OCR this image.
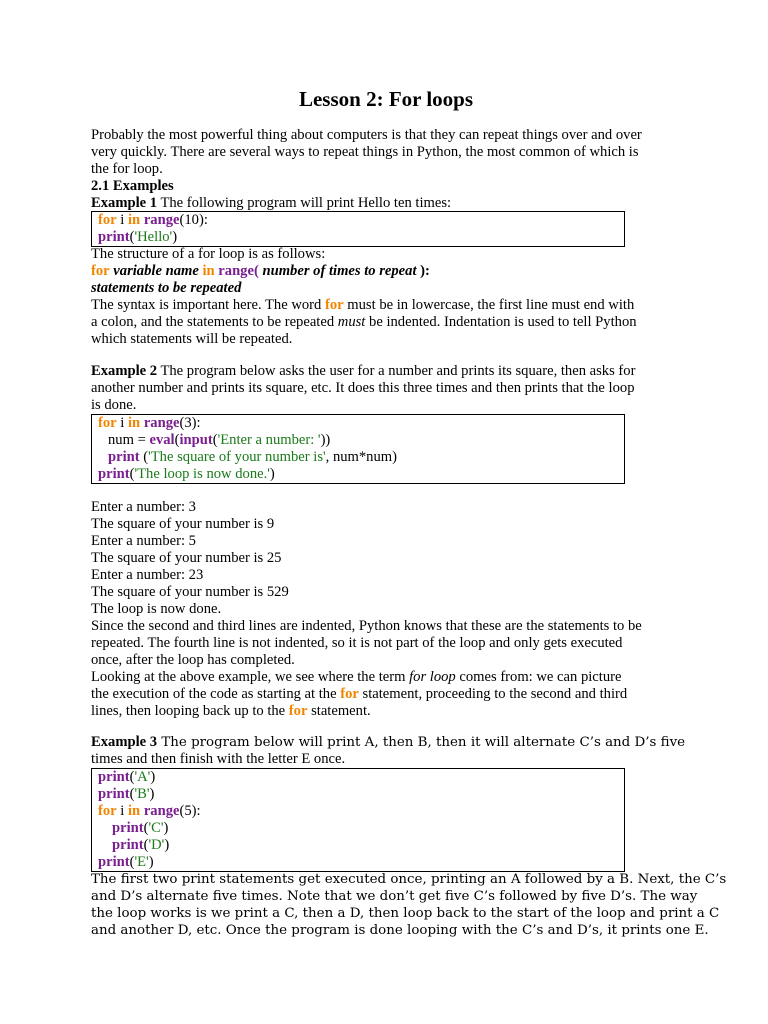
Lesson 2: For loops
Probably the most powerful thing about computers is that they can repeat things over and over
very quickly. There are several ways to repeat things in Python, the most common of which is
the for loop.
2.1 Examples
Example 1 The following program will print Hello ten times:
for i in range(10):
print('Hello')
The structure of a for loop is as follows:
for variable name in range( number of times to repeat ):
statements to be repeated
The syntax is important here. The word for must be in lowercase, the first line must end with
a colon, and the statements to be repeated must be indented. Indentation is used to tell Python
which statements will be repeated.
Example 2 The program below asks the user for a number and prints its square, then asks for
another number and prints its square, etc. It does this three times and then prints that the loop
is done.
for i in range(3):
num = eval(input('Enter a number: '))
print ('The square of your number is', num*num)
print('The loop is now done.')
Enter a number: 3
The square of your number is 9
Enter a number: 5
The square of your number is 25
Enter a number: 23
The square of your number is 529
The loop is now done.
Since the second and third lines are indented, Python knows that these are the statements to be
repeated. The fourth line is not indented, so it is not part of the loop and only gets executed
once, after the loop has completed.
Looking at the above example, we see where the term for loop comes from: we can picture
the execution of the code as starting at the for statement, proceeding to the second and third
lines, then looping back up to the for statement.
Example 3 The program below will print A, then B, then it will alternate C’s and D’s five
times and then finish with the letter E once.
print('A')
print('B')
for i in range(5):
print('C')
print('D')
print('E')
The first two print statements get executed once, printing an A followed by a B. Next, the C’s
and D’s alternate five times. Note that we don’t get five C’s followed by five D’s. The way
the loop works is we print a C, then a D, then loop back to the start of the loop and print a C
and another D, etc. Once the program is done looping with the C’s and D’s, it prints one E.
